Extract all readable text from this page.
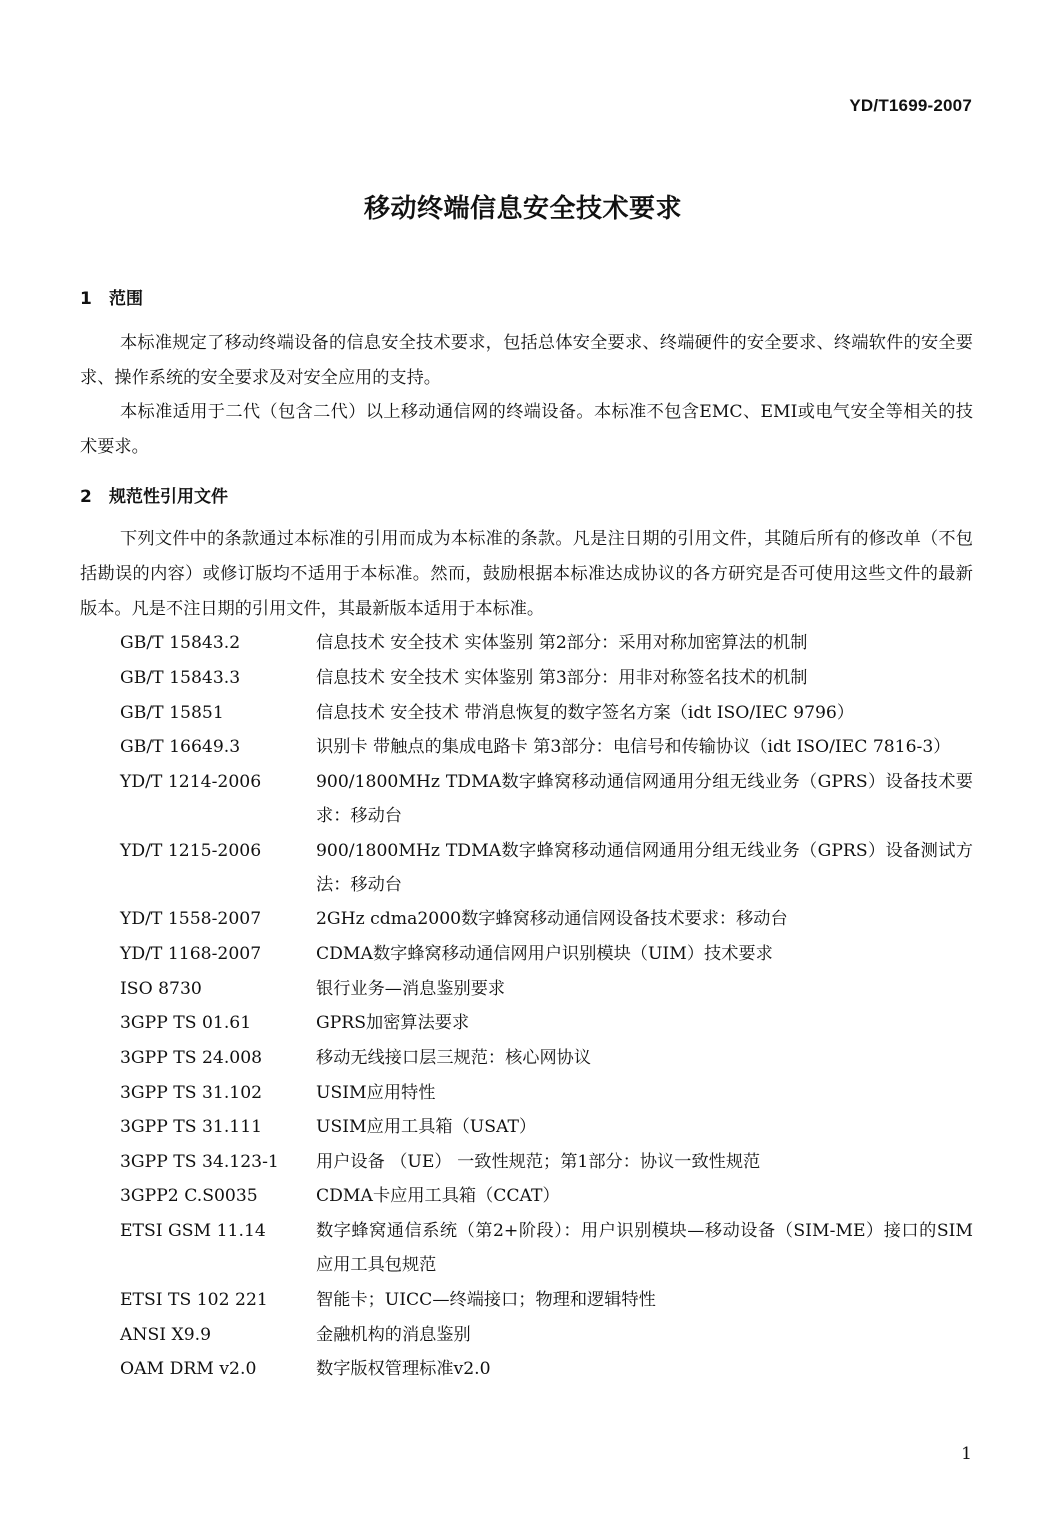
YD/T1699-2007
移动终端信息安全技术要求
1 范围
本标准规定了移动终端设备的信息安全技术要求，包括总体安全要求、终端硬件的安全要求、终端软件的安全要求、操作系统的安全要求及对安全应用的支持。
本标准适用于二代（包含二代）以上移动通信网的终端设备。本标准不包含EMC、EMI或电气安全等相关的技术要求。
2 规范性引用文件
下列文件中的条款通过本标准的引用而成为本标准的条款。凡是注日期的引用文件，其随后所有的修改单（不包括勘误的内容）或修订版均不适用于本标准。然而，鼓励根据本标准达成协议的各方研究是否可使用这些文件的最新版本。凡是不注日期的引用文件，其最新版本适用于本标准。
GB/T 15843.2	信息技术 安全技术 实体鉴别 第2部分：采用对称加密算法的机制
GB/T 15843.3	信息技术 安全技术 实体鉴别 第3部分：用非对称签名技术的机制
GB/T 15851	信息技术 安全技术 带消息恢复的数字签名方案（idt ISO/IEC 9796）
GB/T 16649.3	识别卡 带触点的集成电路卡 第3部分：电信号和传输协议（idt ISO/IEC 7816-3）
YD/T 1214-2006	900/1800MHz TDMA数字蜂窝移动通信网通用分组无线业务（GPRS）设备技术要求：移动台
YD/T 1215-2006	900/1800MHz TDMA数字蜂窝移动通信网通用分组无线业务（GPRS）设备测试方法：移动台
YD/T 1558-2007	2GHz cdma2000数字蜂窝移动通信网设备技术要求：移动台
YD/T 1168-2007	CDMA数字蜂窝移动通信网用户识别模块（UIM）技术要求
ISO 8730	银行业务—消息鉴别要求
3GPP TS 01.61	GPRS加密算法要求
3GPP TS 24.008	移动无线接口层三规范：核心网协议
3GPP TS 31.102	USIM应用特性
3GPP TS 31.111	USIM应用工具箱（USAT）
3GPP TS 34.123-1	用户设备 （UE） 一致性规范；第1部分：协议一致性规范
3GPP2 C.S0035	CDMA卡应用工具箱（CCAT）
ETSI GSM 11.14	数字蜂窝通信系统（第2+阶段）：用户识别模块—移动设备（SIM-ME）接口的SIM应用工具包规范
ETSI TS 102 221	智能卡；UICC—终端接口；物理和逻辑特性
ANSI X9.9	金融机构的消息鉴别
OAM DRM v2.0	数字版权管理标准v2.0
1
